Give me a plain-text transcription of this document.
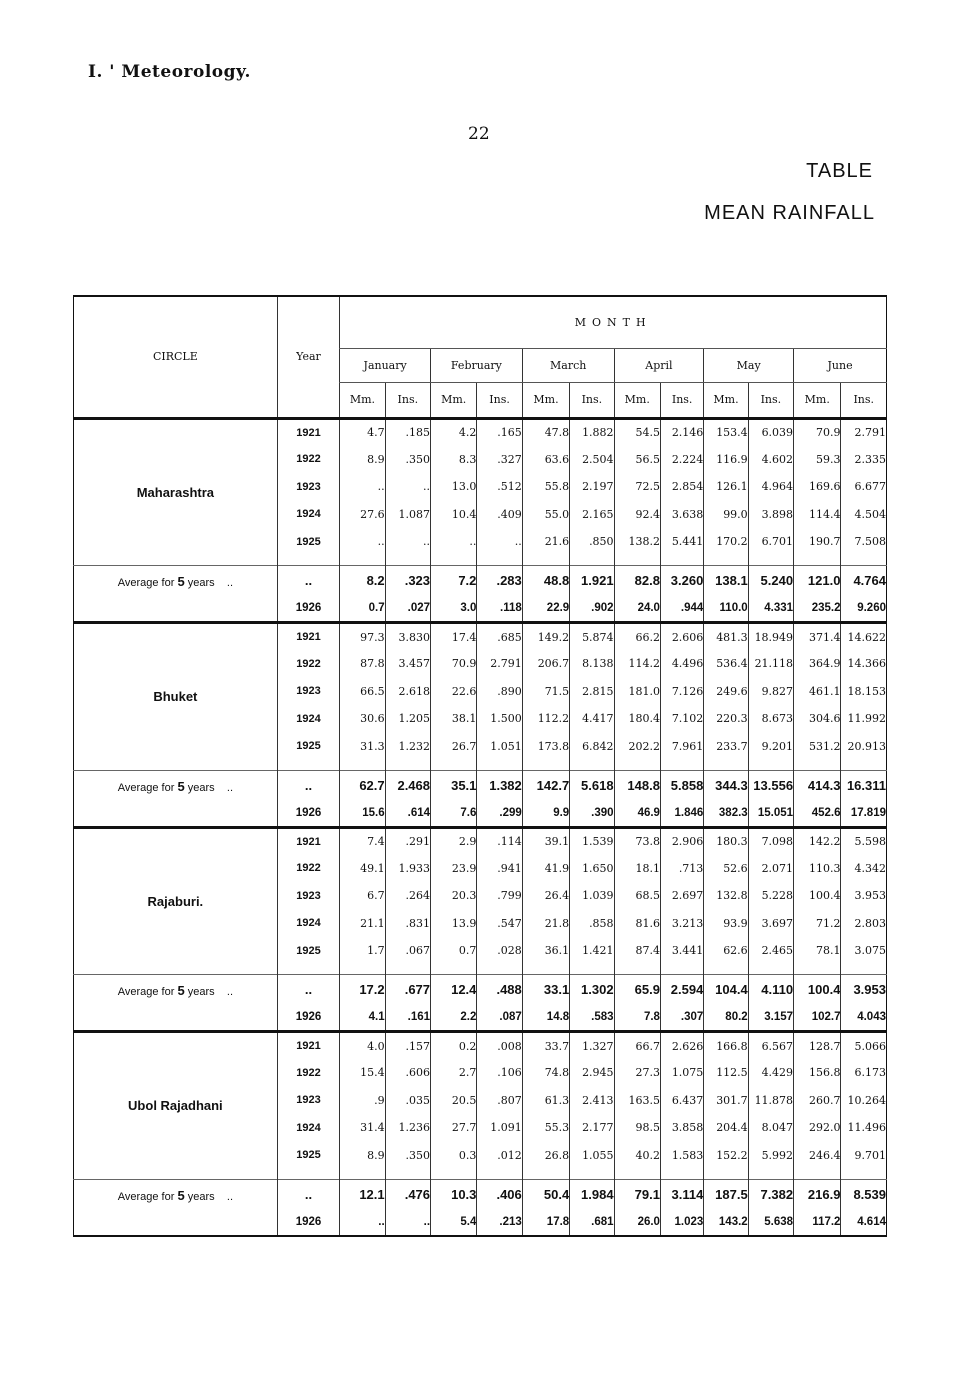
I. ' Meteorology.
22
TABLE
MEAN RAINFALL
CIRCLE	Year	MONTH											
		January		February		March		April		May		June	
		Mm.	Ins.	Mm.	Ins.	Mm.	Ins.	Mm.	Ins.	Mm.	Ins.	Mm.	Ins.
Maharashtra	1921	4.7	.185	4.2	.165	47.8	1.882	54.5	2.146	153.4	6.039	70.9	2.791
	1922	8.9	.350	8.3	.327	63.6	2.504	56.5	2.224	116.9	4.602	59.3	2.335
	1923	..	..	13.0	.512	55.8	2.197	72.5	2.854	126.1	4.964	169.6	6.677
	1924	27.6	1.087	10.4	.409	55.0	2.165	92.4	3.638	99.0	3.898	114.4	4.504
	1925	..	..	..	..	21.6	.850	138.2	5.441	170.2	6.701	190.7	7.508

Average for 5 years ..	..	8.2	.323	7.2	.283	48.8	1.921	82.8	3.260	138.1	5.240	121.0	4.764
	1926	0.7	.027	3.0	.118	22.9	.902	24.0	.944	110.0	4.331	235.2	9.260
Bhuket	1921	97.3	3.830	17.4	.685	149.2	5.874	66.2	2.606	481.3	18.949	371.4	14.622
	1922	87.8	3.457	70.9	2.791	206.7	8.138	114.2	4.496	536.4	21.118	364.9	14.366
	1923	66.5	2.618	22.6	.890	71.5	2.815	181.0	7.126	249.6	9.827	461.1	18.153
	1924	30.6	1.205	38.1	1.500	112.2	4.417	180.4	7.102	220.3	8.673	304.6	11.992
	1925	31.3	1.232	26.7	1.051	173.8	6.842	202.2	7.961	233.7	9.201	531.2	20.913

Average for 5 years ..	..	62.7	2.468	35.1	1.382	142.7	5.618	148.8	5.858	344.3	13.556	414.3	16.311
	1926	15.6	.614	7.6	.299	9.9	.390	46.9	1.846	382.3	15.051	452.6	17.819
Rajaburi.	1921	7.4	.291	2.9	.114	39.1	1.539	73.8	2.906	180.3	7.098	142.2	5.598
	1922	49.1	1.933	23.9	.941	41.9	1.650	18.1	.713	52.6	2.071	110.3	4.342
	1923	6.7	.264	20.3	.799	26.4	1.039	68.5	2.697	132.8	5.228	100.4	3.953
	1924	21.1	.831	13.9	.547	21.8	.858	81.6	3.213	93.9	3.697	71.2	2.803
	1925	1.7	.067	0.7	.028	36.1	1.421	87.4	3.441	62.6	2.465	78.1	3.075

Average for 5 years ..	..	17.2	.677	12.4	.488	33.1	1.302	65.9	2.594	104.4	4.110	100.4	3.953
	1926	4.1	.161	2.2	.087	14.8	.583	7.8	.307	80.2	3.157	102.7	4.043
Ubol Rajadhani	1921	4.0	.157	0.2	.008	33.7	1.327	66.7	2.626	166.8	6.567	128.7	5.066
	1922	15.4	.606	2.7	.106	74.8	2.945	27.3	1.075	112.5	4.429	156.8	6.173
	1923	.9	.035	20.5	.807	61.3	2.413	163.5	6.437	301.7	11.878	260.7	10.264
	1924	31.4	1.236	27.7	1.091	55.3	2.177	98.5	3.858	204.4	8.047	292.0	11.496
	1925	8.9	.350	0.3	.012	26.8	1.055	40.2	1.583	152.2	5.992	246.4	9.701

Average for 5 years ..	..	12.1	.476	10.3	.406	50.4	1.984	79.1	3.114	187.5	7.382	216.9	8.539
	1926	..	..	5.4	.213	17.8	.681	26.0	1.023	143.2	5.638	117.2	4.614
